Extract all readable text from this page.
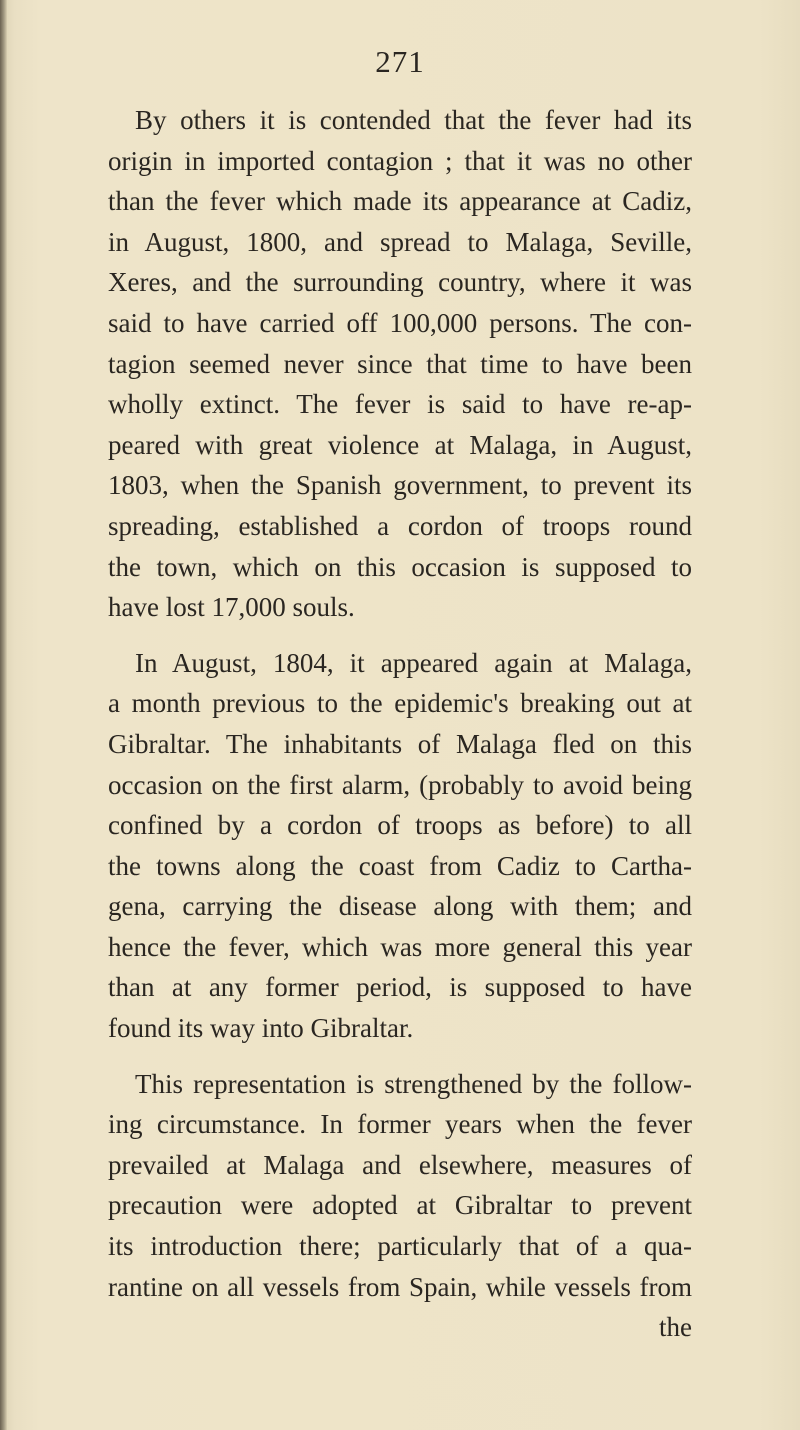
271

By others it is contended that the fever had its
origin in imported contagion ; that it was no other
than the fever which made its appearance at Cadiz,
in August, 1800, and spread to Malaga, Seville,
Xeres, and the surrounding country, where it was
said to have carried off 100,000 persons. The con-
tagion seemed never since that time to have been
wholly extinct. The fever is said to have re-ap-
peared with great violence at Malaga, in August,
1803, when the Spanish government, to prevent its
spreading, established a cordon of troops round
the town, which on this occasion is supposed to
have lost 17,000 souls.

In August, 1804, it appeared again at Malaga,
a month previous to the epidemic's breaking out at
Gibraltar. The inhabitants of Malaga fled on this
occasion on the first alarm, (probably to avoid being
confined by a cordon of troops as before) to all
the towns along the coast from Cadiz to Cartha-
gena, carrying the disease along with them; and
hence the fever, which was more general this year
than at any former period, is supposed to have
found its way into Gibraltar.

This representation is strengthened by the follow-
ing circumstance. In former years when the fever
prevailed at Malaga and elsewhere, measures of
precaution were adopted at Gibraltar to prevent
its introduction there; particularly that of a qua-
rantine on all vessels from Spain, while vessels from
the
